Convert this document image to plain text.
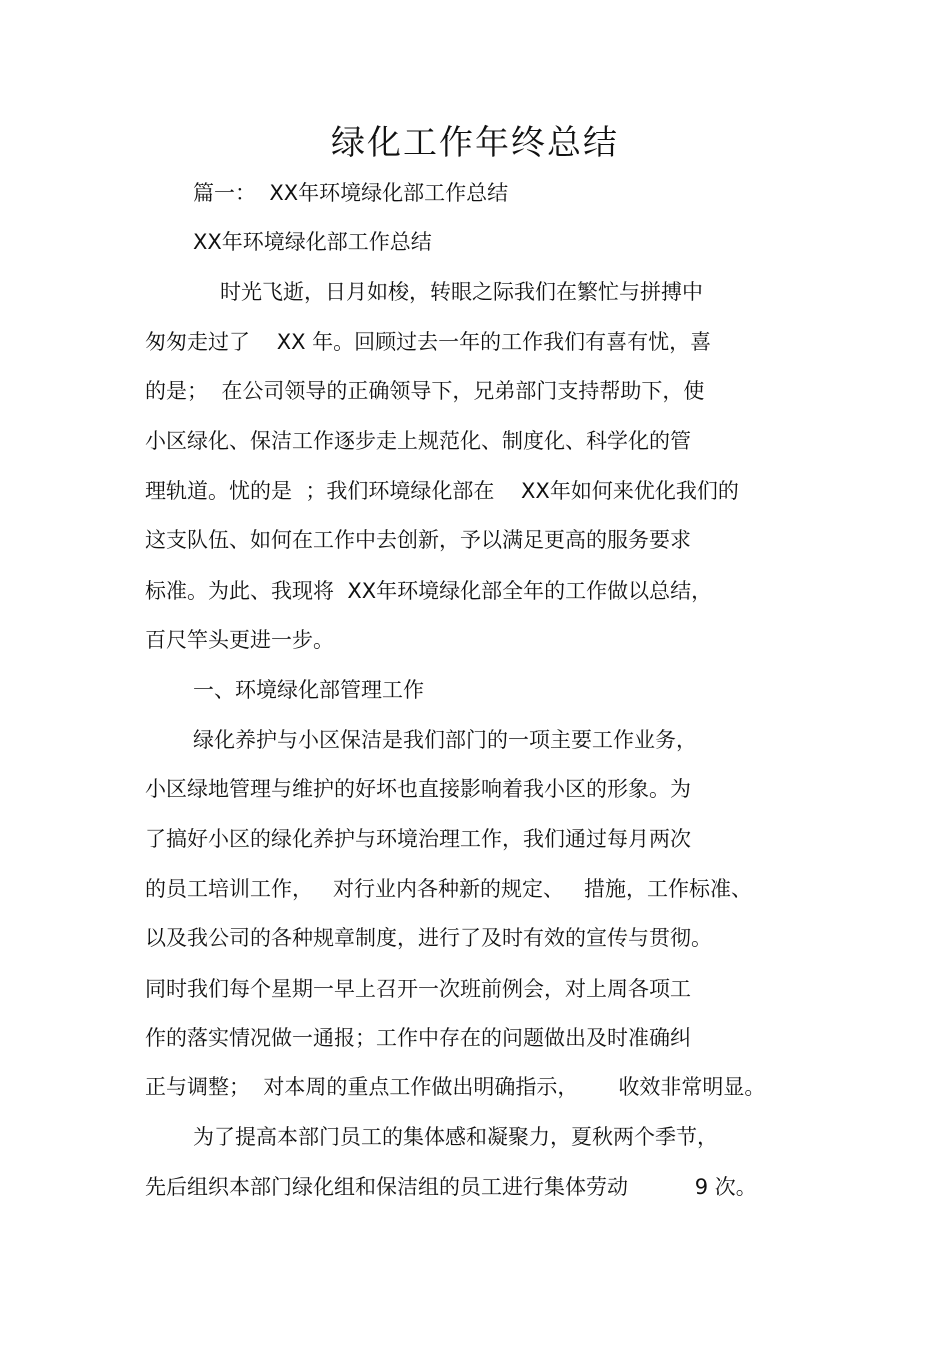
绿化工作年终总结
篇一：  XX年环境绿化部工作总结
XX年环境绿化部工作总结
时光飞逝，日月如梭，转眼之际我们在繁忙与拼搏中
匆匆走过了    XX 年。回顾过去一年的工作我们有喜有忧，喜
的是；  在公司领导的正确领导下，兄弟部门支持帮助下，使
小区绿化、保洁工作逐步走上规范化、制度化、科学化的管
理轨道。忧的是  ；我们环境绿化部在    XX年如何来优化我们的
这支队伍、如何在工作中去创新，予以满足更高的服务要求
标准。为此、我现将  XX年环境绿化部全年的工作做以总结，
百尺竿头更进一步。
一、环境绿化部管理工作
绿化养护与小区保洁是我们部门的一项主要工作业务，
小区绿地管理与维护的好坏也直接影响着我小区的形象。为
了搞好小区的绿化养护与环境治理工作，我们通过每月两次
的员工培训工作，   对行业内各种新的规定、   措施，工作标准、
以及我公司的各种规章制度，进行了及时有效的宣传与贯彻。
同时我们每个星期一早上召开一次班前例会，对上周各项工
作的落实情况做一通报；工作中存在的问题做出及时准确纠
正与调整；  对本周的重点工作做出明确指示，      收效非常明显。
为了提高本部门员工的集体感和凝聚力，夏秋两个季节，
先后组织本部门绿化组和保洁组的员工进行集体劳动          9 次。
